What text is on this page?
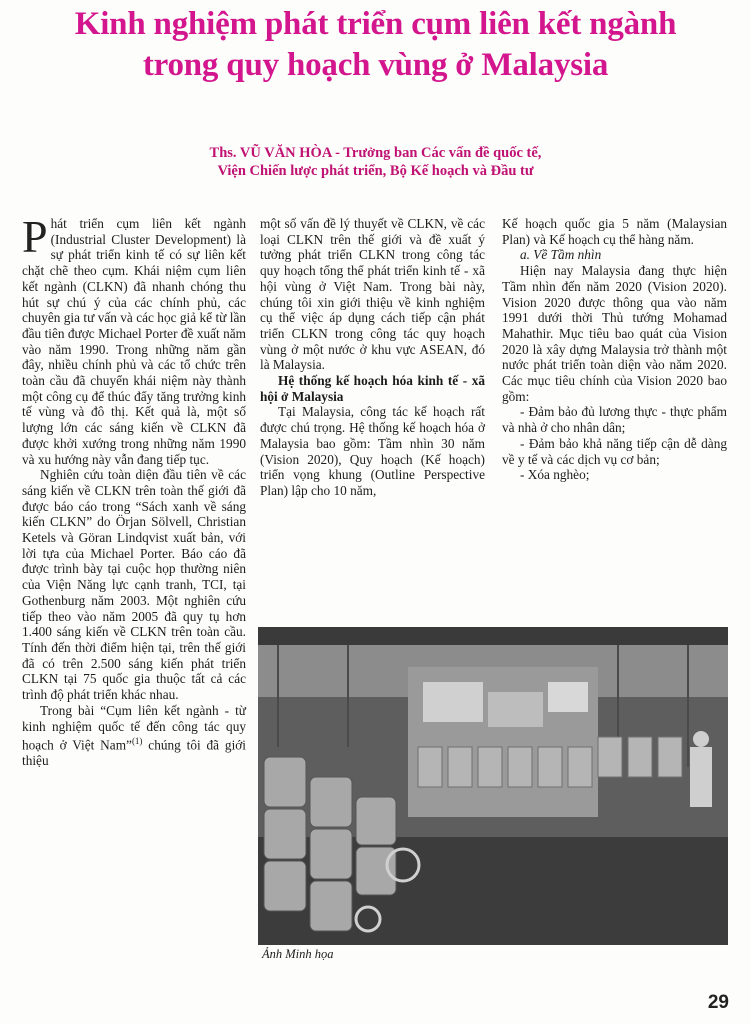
Kinh nghiệm phát triển cụm liên kết ngành
trong quy hoạch vùng ở Malaysia
Ths. VŨ VĂN HÒA - Trưởng ban Các vấn đề quốc tế,
Viện Chiến lược phát triển, Bộ Kế hoạch và Đầu tư

Phát triển cụm liên kết ngành (Industrial Cluster Development) là sự phát triển kinh tế có sự liên kết chặt chẽ theo cụm. Khái niệm cụm liên kết ngành (CLKN) đã nhanh chóng thu hút sự chú ý của các chính phủ, các chuyên gia tư vấn và các học giả kể từ lần đầu tiên được Michael Porter đề xuất năm vào năm 1990. Trong những năm gần đây, nhiều chính phủ và các tổ chức trên toàn cầu đã chuyển khái niệm này thành một công cụ để thúc đẩy tăng trưởng kinh tế vùng và đô thị. Kết quả là, một số lượng lớn các sáng kiến về CLKN đã được khởi xướng trong những năm 1990 và xu hướng này vẫn đang tiếp tục.

Nghiên cứu toàn diện đầu tiên về các sáng kiến về CLKN trên toàn thế giới đã được báo cáo trong “Sách xanh về sáng kiến CLKN” do Örjan Sölvell, Christian Ketels và Göran Lindqvist xuất bản, với lời tựa của Michael Porter. Báo cáo đã được trình bày tại cuộc họp thường niên của Viện Năng lực cạnh tranh, TCI, tại Gothenburg năm 2003. Một nghiên cứu tiếp theo vào năm 2005 đã quy tụ hơn 1.400 sáng kiến về CLKN trên toàn cầu. Tính đến thời điểm hiện tại, trên thế giới đã có trên 2.500 sáng kiến phát triển CLKN tại 75 quốc gia thuộc tất cả các trình độ phát triển khác nhau.

Trong bài “Cụm liên kết ngành - từ kinh nghiệm quốc tế đến công tác quy hoạch ở Việt Nam”$^{(1)}$ chúng tôi đã giới thiệu

một số vấn đề lý thuyết về CLKN, về các loại CLKN trên thế giới và đề xuất ý tưởng phát triển CLKN trong công tác quy hoạch tổng thể phát triển kinh tế - xã hội vùng ở Việt Nam. Trong bài này, chúng tôi xin giới thiệu về kinh nghiệm cụ thể việc áp dụng cách tiếp cận phát triển CLKN trong công tác quy hoạch vùng ở một nước ở khu vực ASEAN, đó là Malaysia.

Hệ thống kế hoạch hóa kinh tế - xã hội ở Malaysia

Tại Malaysia, công tác kế hoạch rất được chú trọng. Hệ thống kế hoạch hóa ở Malaysia bao gồm: Tầm nhìn 30 năm (Vision 2020), Quy hoạch (Kế hoạch) triển vọng khung (Outline Perspective Plan) lập cho 10 năm,

Kế hoạch quốc gia 5 năm (Malaysian Plan) và Kế hoạch cụ thể hàng năm.

a. Về Tầm nhìn

Hiện nay Malaysia đang thực hiện Tầm nhìn đến năm 2020 (Vision 2020). Vision 2020 được thông qua vào năm 1991 dưới thời Thủ tướng Mohamad Mahathir. Mục tiêu bao quát của Vision 2020 là xây dựng Malaysia trở thành một nước phát triển toàn diện vào năm 2020. Các mục tiêu chính của Vision 2020 bao gồm:

- Đảm bảo đủ lương thực - thực phẩm và nhà ở cho nhân dân;

- Đảm bảo khả năng tiếp cận dễ dàng về y tế và các dịch vụ cơ bản;

- Xóa nghèo;

Ảnh Minh họa
29
